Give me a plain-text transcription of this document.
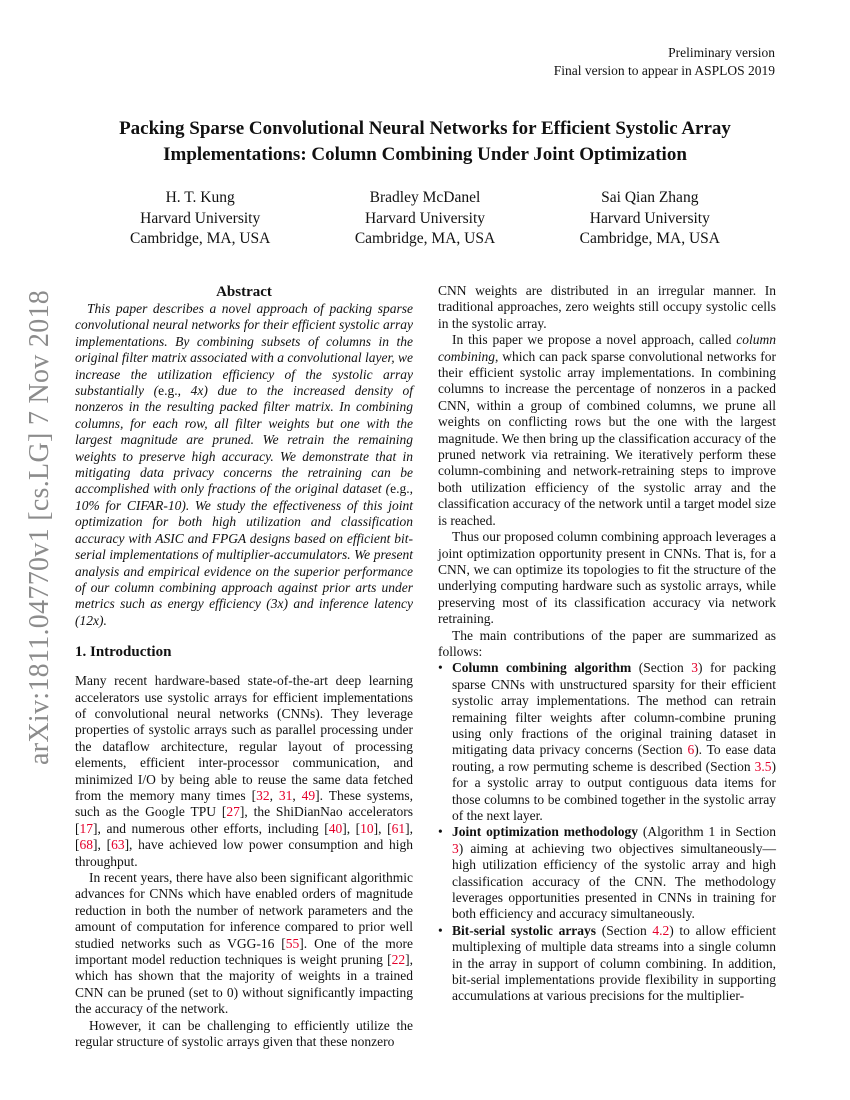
Preliminary version
Final version to appear in ASPLOS 2019
Packing Sparse Convolutional Neural Networks for Efficient Systolic Array
Implementations: Column Combining Under Joint Optimization
H. T. Kung
Harvard University
Cambridge, MA, USA
Bradley McDanel
Harvard University
Cambridge, MA, USA
Sai Qian Zhang
Harvard University
Cambridge, MA, USA
arXiv:1811.04770v1 [cs.LG] 7 Nov 2018	Abstract

This paper describes a novel approach of packing sparse convolutional neural networks for their efficient systolic array implementations. By combining subsets of columns in the original filter matrix associated with a convolutional layer, we increase the utilization efficiency of the systolic array substantially (e.g., 4x) due to the increased density of nonzeros in the resulting packed filter matrix. In combining columns, for each row, all filter weights but one with the largest magnitude are pruned. We retrain the remaining weights to preserve high accuracy. We demonstrate that in mitigating data privacy concerns the retraining can be accomplished with only fractions of the original dataset (e.g., 10% for CIFAR-10). We study the effectiveness of this joint optimization for both high utilization and classification accuracy with ASIC and FPGA designs based on efficient bit-serial implementations of multiplier-accumulators. We present analysis and empirical evidence on the superior performance of our column combining approach against prior arts under metrics such as energy efficiency (3x) and inference latency (12x).

1. Introduction

Many recent hardware-based state-of-the-art deep learning accelerators use systolic arrays for efficient implementations of convolutional neural networks (CNNs). They leverage properties of systolic arrays such as parallel processing under the dataflow architecture, regular layout of processing elements, efficient inter-processor communication, and minimized I/O by being able to reuse the same data fetched from the memory many times [32, 31, 49]. These systems, such as the Google TPU [27], the ShiDianNao accelerators [17], and numerous other efforts, including [40], [10], [61], [68], [63], have achieved low power consumption and high throughput.

In recent years, there have also been significant algorithmic advances for CNNs which have enabled orders of magnitude reduction in both the number of network parameters and the amount of computation for inference compared to prior well studied networks such as VGG-16 [55]. One of the more important model reduction techniques is weight pruning [22], which has shown that the majority of weights in a trained CNN can be pruned (set to 0) without significantly impacting the accuracy of the network.

However, it can be challenging to efficiently utilize the regular structure of systolic arrays given that these nonzero

CNN weights are distributed in an irregular manner. In traditional approaches, zero weights still occupy systolic cells in the systolic array.

In this paper we propose a novel approach, called column combining, which can pack sparse convolutional networks for their efficient systolic array implementations. In combining columns to increase the percentage of nonzeros in a packed CNN, within a group of combined columns, we prune all weights on conflicting rows but the one with the largest magnitude. We then bring up the classification accuracy of the pruned network via retraining. We iteratively perform these column-combining and network-retraining steps to improve both utilization efficiency of the systolic array and the classification accuracy of the network until a target model size is reached.

Thus our proposed column combining approach leverages a joint optimization opportunity present in CNNs. That is, for a CNN, we can optimize its topologies to fit the structure of the underlying computing hardware such as systolic arrays, while preserving most of its classification accuracy via network retraining.

The main contributions of the paper are summarized as follows:

• Column combining algorithm (Section 3) for packing sparse CNNs with unstructured sparsity for their efficient systolic array implementations. The method can retrain remaining filter weights after column-combine pruning using only fractions of the original training dataset in mitigating data privacy concerns (Section 6). To ease data routing, a row permuting scheme is described (Section 3.5) for a systolic array to output contiguous data items for those columns to be combined together in the systolic array of the next layer.
• Joint optimization methodology (Algorithm 1 in Section 3) aiming at achieving two objectives simultaneously—high utilization efficiency of the systolic array and high classification accuracy of the CNN. The methodology leverages opportunities presented in CNNs in training for both efficiency and accuracy simultaneously.
• Bit-serial systolic arrays (Section 4.2) to allow efficient multiplexing of multiple data streams into a single column in the array in support of column combining. In addition, bit-serial implementations provide flexibility in supporting accumulations at various precisions for the multiplier-
